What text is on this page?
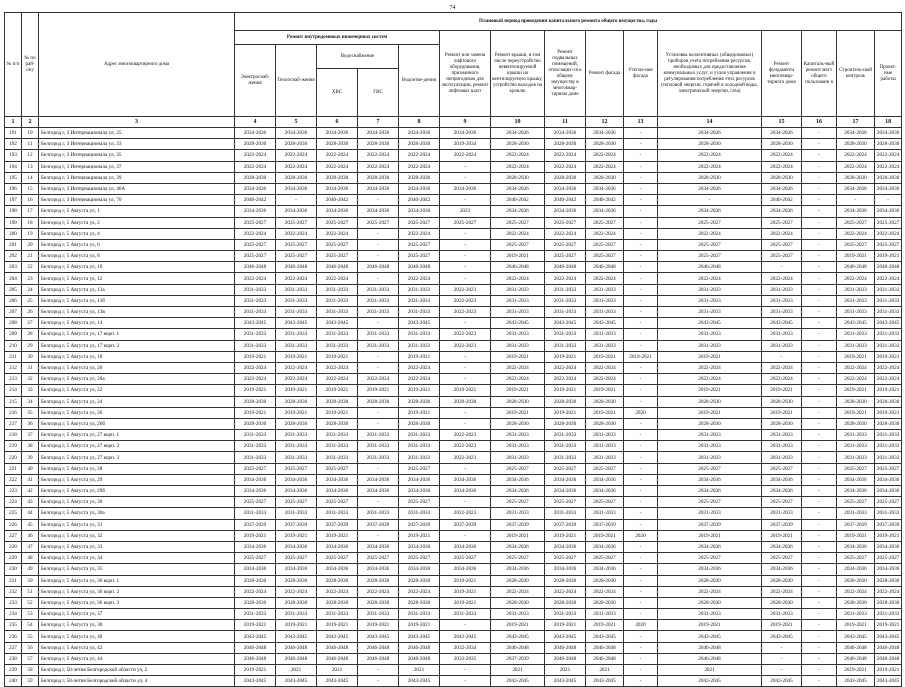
74
№ п/п	№ по рай-ону	Адрес многоквартирного дома	Плановый период проведения капитального ремонта общего имущества, годы														
			Ремонт внутридомовых инженерных систем					Ремонт или замена лифтового оборудования, признанного непригодным для эксплуатации, ремонт лифтовых шахт	Ремонт крыши, в том числе переустройство невентилируемой крыши на вентилируемую крышу, устройство выходов на кровлю	Ремонт подвальных помещений, относящих-ся к общему имуществу в многоквар-тирном доме	Ремонт фасада	Утепле-ние фасада	Установка коллективных (общедомовых) приборов учета потребления ресурсов, необходимых для предоставления коммунальных услуг, и узлов управления и регулирования потребления этих ресурсов (тепловой энергии, горячей и холодной воды, электрической энергии, газа)	Ремонт фундамента многоквар-тирного дома	Капиталь-ный ремонт мест общего пользовани я	Строитель-ный контроль	Проект-ные работы
			Электроснаб-жения	Теплоснаб-жения	Водоснабжение		Водоотве-дения										
					ХВС	ГВС											
1	2	3	4	5	6	7	8	9	10	11	12	13	14	15	16	17	18
191	10	Белгород г, 3 Интернационала ул, 25	2034-2036	2034-2036	2034-2036	2034-2036	2034-2036	2034-2036	2034-2036	2034-2036	2034-2036	-	2034-2036	2034-2036	-	2034-2036	2034-2036
192	11	Белгород г, 3 Интернационала ул, 33	2028-2030	2028-2030	2028-2030	2028-2030	2028-2030	2019-2034	2028-2030	2028-2030	2028-2030	-	2028-2030	2028-2030	-	2028-2030	2028-2030
193	12	Белгород г, 3 Интернационала ул, 35	2022-2024	2022-2024	2022-2024	2022-2024	2022-2024	2022-2024	2022-2024	2022-2024	2022-2024	-	2022-2024	2022-2024	-	2022-2024	2022-2024
194	13	Белгород г, 3 Интернационала ул, 37	2022-2024	2022-2024	2022-2024	2022-2024	2022-2024	-	2022-2024	2022-2024	2022-2024	-	2022-2024	2022-2024	-	2022-2024	2022-2024
195	14	Белгород г, 3 Интернационала ул, 39	2028-2030	2028-2030	2028-2030	2028-2030	2028-2030	-	2028-2030	2028-2030	2028-2030	-	2028-2030	2028-2030	-	2028-2030	2028-2030
196	15	Белгород г, 3 Интернационала ул, 46А	2034-2036	2034-2036	2034-2036	2034-2036	2034-2036	2034-2036	2034-2036	2034-2036	2034-2036	-	2034-2036	2034-2036	-	2034-2036	2034-2036
197	16	Белгород г, 3 Интернационала ул, 70	2040-2042	-	2040-2042	-	2040-2042	-	2040-2042	2040-2042	2040-2042	-	-	2040-2042	-	-	-
198	17	Белгород г, 5 Августа ул, 1	2034-2036	2034-2036	2034-2036	2034-2036	2034-2036	2023	2034-2036	2034-2036	2034-2036	-	2034-2036	2034-2036	-	2034-2036	2034-2036
199	18	Белгород г, 5 Августа ул, 2	2025-2027	2025-2027	2025-2027	2025-2027	2025-2027	2025-2027	2025-2027	2025-2027	2025-2027	-	2025-2027	2025-2027	-	2025-2027	2025-2027
200	19	Белгород г, 5 Августа ул, 4	2022-2024	2022-2024	2022-2024	-	2022-2024	-	2022-2024	2022-2024	2022-2024	-	2022-2024	2022-2024	-	2022-2024	2022-2024
201	20	Белгород г, 5 Августа ул, 6	2025-2027	2025-2027	2025-2027	-	2025-2027	-	2025-2027	2025-2027	2025-2027	-	2025-2027	2025-2027	-	2025-2027	2025-2027
202	21	Белгород г, 5 Августа ул, 8	2025-2027	2025-2027	2025-2027	-	2025-2027	-	2019-2021	2025-2027	2025-2027	-	2025-2027	2025-2027	-	2019-2021	2019-2021
203	22	Белгород г, 5 Августа ул, 10	2046-2048	2046-2048	2046-2048	2046-2048	2046-2048	-	2046-2048	2046-2048	2046-2048	-	2046-2048	-	-	2046-2048	2046-2048
204	23	Белгород г, 5 Августа ул, 12	2022-2024	2022-2024	2022-2024	-	2022-2024	-	2022-2024	2022-2024	2022-2024	-	2022-2024	2022-2024	-	2022-2024	2022-2024
205	24	Белгород г, 5 Августа ул, 13а	2031-2033	2031-2033	2031-2033	2031-2033	2031-2033	2022-2023	2031-2033	2031-2033	2031-2033	-	2031-2033	2031-2033	-	2031-2033	2031-2033
206	25	Белгород г, 5 Августа ул, 13б	2031-2033	2031-2033	2031-2033	2031-2033	2031-2033	2022-2023	2031-2033	2031-2033	2031-2033	-	2031-2033	2031-2033	-	2031-2033	2031-2033
207	26	Белгород г, 5 Августа ул, 13в	2031-2033	2031-2033	2031-2033	2031-2033	2031-2033	2022-2023	2031-2033	2031-2033	2031-2033	-	2031-2033	2031-2033	-	2031-2033	2031-2033
208	27	Белгород г, 5 Августа ул, 14	2043-2045	2043-2045	2043-2045	-	2043-2045	-	2043-2045	2043-2045	2043-2045	-	2043-2045	2043-2045	-	2043-2045	2043-2045
209	28	Белгород г, 5 Августа ул, 17 корп. 1	2031-2033	2031-2033	2031-2033	2031-2033	2031-2033	2022-2023	2031-2033	2031-2033	2031-2033	-	2031-2033	2031-2033	-	2031-2033	2031-2033
210	29	Белгород г, 5 Августа ул, 17 корп. 2	2031-2033	2031-2033	2031-2033	2031-2033	2031-2033	2022-2023	2031-2033	2031-2033	2031-2033	-	2031-2033	2031-2033	-	2031-2033	2031-2033
211	30	Белгород г, 5 Августа ул, 18	2019-2021	2019-2021	2019-2021	-	2019-2021	-	2019-2021	2019-2021	2019-2021	2019-2021	2019-2021	-	-	2019-2021	2019-2021
212	31	Белгород г, 5 Августа ул, 20	2022-2024	2022-2024	2022-2024	-	2022-2024	-	2022-2024	2022-2024	2022-2024	-	2022-2024	2022-2024	-	2022-2024	2022-2024
213	32	Белгород г, 5 Августа ул, 20а	2022-2024	2022-2024	2022-2024	2022-2024	2022-2024	-	2022-2024	2022-2024	2022-2024	-	2022-2024	2022-2024	-	2022-2024	2022-2024
214	33	Белгород г, 5 Августа ул, 22	2019-2021	2019-2021	2019-2021	2019-2021	2019-2021	2019-2021	2019-2021	2019-2021	2019-2021	-	2019-2021	2019-2021	-	2019-2021	2019-2021
215	34	Белгород г, 5 Августа ул, 24	2028-2030	2028-2030	2028-2030	2028-2030	2028-2030	2028-2030	2028-2030	2028-2030	2028-2030	-	2028-2030	2028-2030	-	2028-2030	2028-2030
216	35	Белгород г, 5 Августа ул, 26	2019-2021	2019-2021	2019-2021	-	2019-2021	-	2019-2021	2019-2021	2019-2021	2020	2019-2021	2019-2021	-	2019-2021	2019-2021
217	36	Белгород г, 5 Августа ул, 26б	2028-2030	2028-2030	2028-2030	-	2028-2030	-	2028-2030	2028-2030	2028-2030	-	2028-2030	2028-2030	-	2028-2030	2028-2030
218	37	Белгород г, 5 Августа ул, 27 корп. 1	2031-2033	2031-2033	2031-2033	2031-2033	2031-2033	2022-2023	2031-2033	2031-2033	2031-2033	-	2031-2033	2031-2033	-	2031-2033	2031-2033
219	38	Белгород г, 5 Августа ул, 27 корп. 2	2031-2033	2031-2033	2031-2033	2031-2033	2031-2033	2022-2023	2031-2033	2031-2033	2031-2033	-	2031-2033	2031-2033	-	2031-2033	2031-2033
220	39	Белгород г, 5 Августа ул, 27 корп. 3	2031-2033	2031-2033	2031-2033	2031-2033	2031-2033	2022-2023	2031-2033	2031-2033	2031-2033	-	2031-2033	2031-2033	-	2031-2033	2031-2033
221	40	Белгород г, 5 Августа ул, 28	2025-2027	2025-2027	2025-2027	-	2025-2027	-	2025-2027	2025-2027	2025-2027	-	2025-2027	2025-2027	-	2025-2027	2025-2027
222	41	Белгород г, 5 Августа ул, 29	2034-2036	2034-2036	2034-2036	2034-2036	2034-2036	2034-2036	2034-2036	2034-2036	2034-2036	-	2034-2036	2034-2036	-	2034-2036	2034-2036
223	42	Белгород г, 5 Августа ул, 29б	2034-2036	2034-2036	2034-2036	2034-2036	2034-2036	2034-2036	2034-2036	2034-2036	2034-2036	-	2034-2036	2034-2036	-	2034-2036	2034-2036
224	43	Белгород г, 5 Августа ул, 30	2025-2027	2025-2027	2025-2027	-	2025-2027	-	2025-2027	2025-2027	2025-2027	-	2025-2027	2025-2027	-	2025-2027	2025-2027
225	44	Белгород г, 5 Августа ул, 30а	2031-2033	2031-2033	2031-2033	2031-2033	2031-2033	2022-2023	2031-2033	2031-2033	2031-2033	-	2031-2033	2031-2033	-	2031-2033	2031-2033
226	45	Белгород г, 5 Августа ул, 31	2037-2039	2037-2039	2037-2039	2037-2039	2037-2039	2037-2039	2037-2039	2037-2039	2037-2039	-	2037-2039	2037-2039	-	2037-2039	2037-2039
227	46	Белгород г, 5 Августа ул, 32	2019-2021	2019-2021	2019-2021	-	2019-2021	-	2019-2021	2019-2021	2019-2021	2020	2019-2021	2019-2021	-	2019-2021	2019-2021
228	47	Белгород г, 5 Августа ул, 33	2034-2036	2034-2036	2034-2036	2034-2036	2034-2036	2034-2036	2034-2036	2034-2036	2034-2036	-	2034-2036	2034-2036	-	2034-2036	2034-2036
229	48	Белгород г, 5 Августа ул, 34	2025-2027	2025-2027	2025-2027	2025-2027	2025-2027	2025-2027	2025-2027	2025-2027	2025-2027	-	2025-2027	2025-2027	-	2025-2027	2025-2027
230	49	Белгород г, 5 Августа ул, 35	2034-2036	2034-2036	2034-2036	2034-2036	2034-2036	2034-2036	2034-2036	2034-2036	2034-2036	-	2034-2036	2034-2036	-	2034-2036	2034-2036
231	50	Белгород г, 5 Августа ул, 36 корп. 1	2028-2030	2028-2030	2028-2030	2028-2030	2028-2030	2019-2021	2028-2030	2028-2030	2028-2030	-	2028-2030	2028-2030	-	2028-2030	2028-2030
232	51	Белгород г, 5 Августа ул, 36 корп. 2	2022-2024	2022-2024	2022-2024	2022-2024	2022-2024	2019-2021	2022-2024	2022-2024	2022-2024	-	2022-2024	2022-2024	-	2022-2024	2022-2024
233	52	Белгород г, 5 Августа ул, 36 корп. 3	2028-2030	2028-2030	2028-2030	2028-2030	2028-2030	2019-2021	2028-2030	2028-2030	2028-2030	-	2028-2030	2028-2030	-	2028-2030	2028-2030
234	53	Белгород г, 5 Августа ул, 37	2031-2033	2031-2033	2031-2033	2031-2033	2031-2033	2031-2033	2031-2033	2031-2033	2031-2033	-	2031-2033	2031-2033	-	2031-2033	2031-2033
235	54	Белгород г, 5 Августа ул, 38	2019-2021	2019-2021	2019-2021	2019-2021	2019-2021	-	2019-2021	2019-2021	2019-2021	2020	2019-2021	2019-2021	-	2019-2021	2019-2021
236	55	Белгород г, 5 Августа ул, 40	2043-2045	2043-2045	2043-2045	2043-2045	2043-2045	2043-2045	2043-2045	2043-2045	2043-2045	-	2043-2045	2043-2045	-	2043-2045	2043-2045
237	56	Белгород г, 5 Августа ул, 42	2046-2048	2046-2048	2046-2048	2046-2048	2046-2048	2032-2034	2046-2048	2046-2048	2046-2048	-	2046-2048	-	-	2046-2048	2046-2048
238	57	Белгород г, 5 Августа ул, 44	2046-2048	2046-2048	2046-2048	2046-2048	2046-2048	2033-2035	2037-2039	2046-2048	2046-2048	-	2046-2048	-	-	2046-2048	2046-2048
239	58	Белгород г, 50-летия Белгородской области ул, 2	2019-2021	2021	2021	-	2021	-	2021	2021	2021	-	2021	-	-	2019-2021	2019-2021
240	59	Белгород г, 50-летия Белгородской области ул, 4	2043-2045	2043-2045	2043-2045	-	2043-2045	-	2043-2045	2043-2045	2043-2045	-	2043-2045	2043-2045	-	2043-2045	2043-2045
